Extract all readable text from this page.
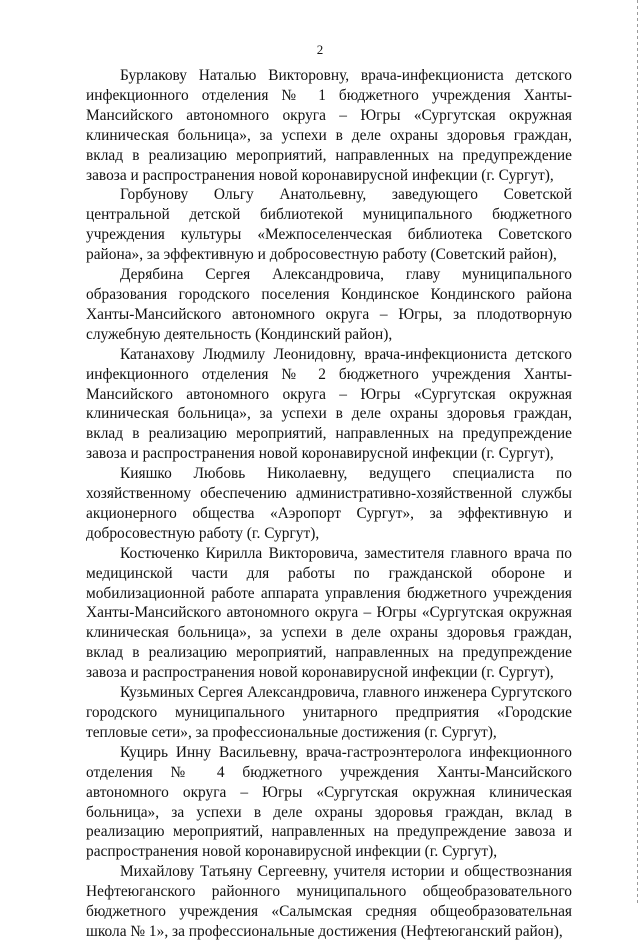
2

Бурлакову Наталью Викторовну, врача-инфекциониста детского инфекционного отделения № 1 бюджетного учреждения Ханты-Мансийского автономного округа – Югры «Сургутская окружная клиническая больница», за успехи в деле охраны здоровья граждан, вклад в реализацию мероприятий, направленных на предупреждение завоза и распространения новой коронавирусной инфекции (г. Сургут),

Горбунову Ольгу Анатольевну, заведующего Советской центральной детской библиотекой муниципального бюджетного учреждения культуры «Межпоселенческая библиотека Советского района», за эффективную и добросовестную работу (Советский район),

Дерябина Сергея Александровича, главу муниципального образования городского поселения Кондинское Кондинского района Ханты-Мансийского автономного округа – Югры, за плодотворную служебную деятельность (Кондинский район),

Катанахову Людмилу Леонидовну, врача-инфекциониста детского инфекционного отделения № 2 бюджетного учреждения Ханты-Мансийского автономного округа – Югры «Сургутская окружная клиническая больница», за успехи в деле охраны здоровья граждан, вклад в реализацию мероприятий, направленных на предупреждение завоза и распространения новой коронавирусной инфекции (г. Сургут),

Кияшко Любовь Николаевну, ведущего специалиста по хозяйственному обеспечению административно-хозяйственной службы акционерного общества «Аэропорт Сургут», за эффективную и добросовестную работу (г. Сургут),

Костюченко Кирилла Викторовича, заместителя главного врача по медицинской части для работы по гражданской обороне и мобилизационной работе аппарата управления бюджетного учреждения Ханты-Мансийского автономного округа – Югры «Сургутская окружная клиническая больница», за успехи в деле охраны здоровья граждан, вклад в реализацию мероприятий, направленных на предупреждение завоза и распространения новой коронавирусной инфекции (г. Сургут),

Кузьминых Сергея Александровича, главного инженера Сургутского городского муниципального унитарного предприятия «Городские тепловые сети», за профессиональные достижения (г. Сургут),

Куцирь Инну Васильевну, врача-гастроэнтеролога инфекционного отделения № 4 бюджетного учреждения Ханты-Мансийского автономного округа – Югры «Сургутская окружная клиническая больница», за успехи в деле охраны здоровья граждан, вклад в реализацию мероприятий, направленных на предупреждение завоза и распространения новой коронавирусной инфекции (г. Сургут),

Михайлову Татьяну Сергеевну, учителя истории и обществознания Нефтеюганского районного муниципального общеобразовательного бюджетного учреждения «Салымская средняя общеобразовательная школа № 1», за профессиональные достижения (Нефтеюганский район),
